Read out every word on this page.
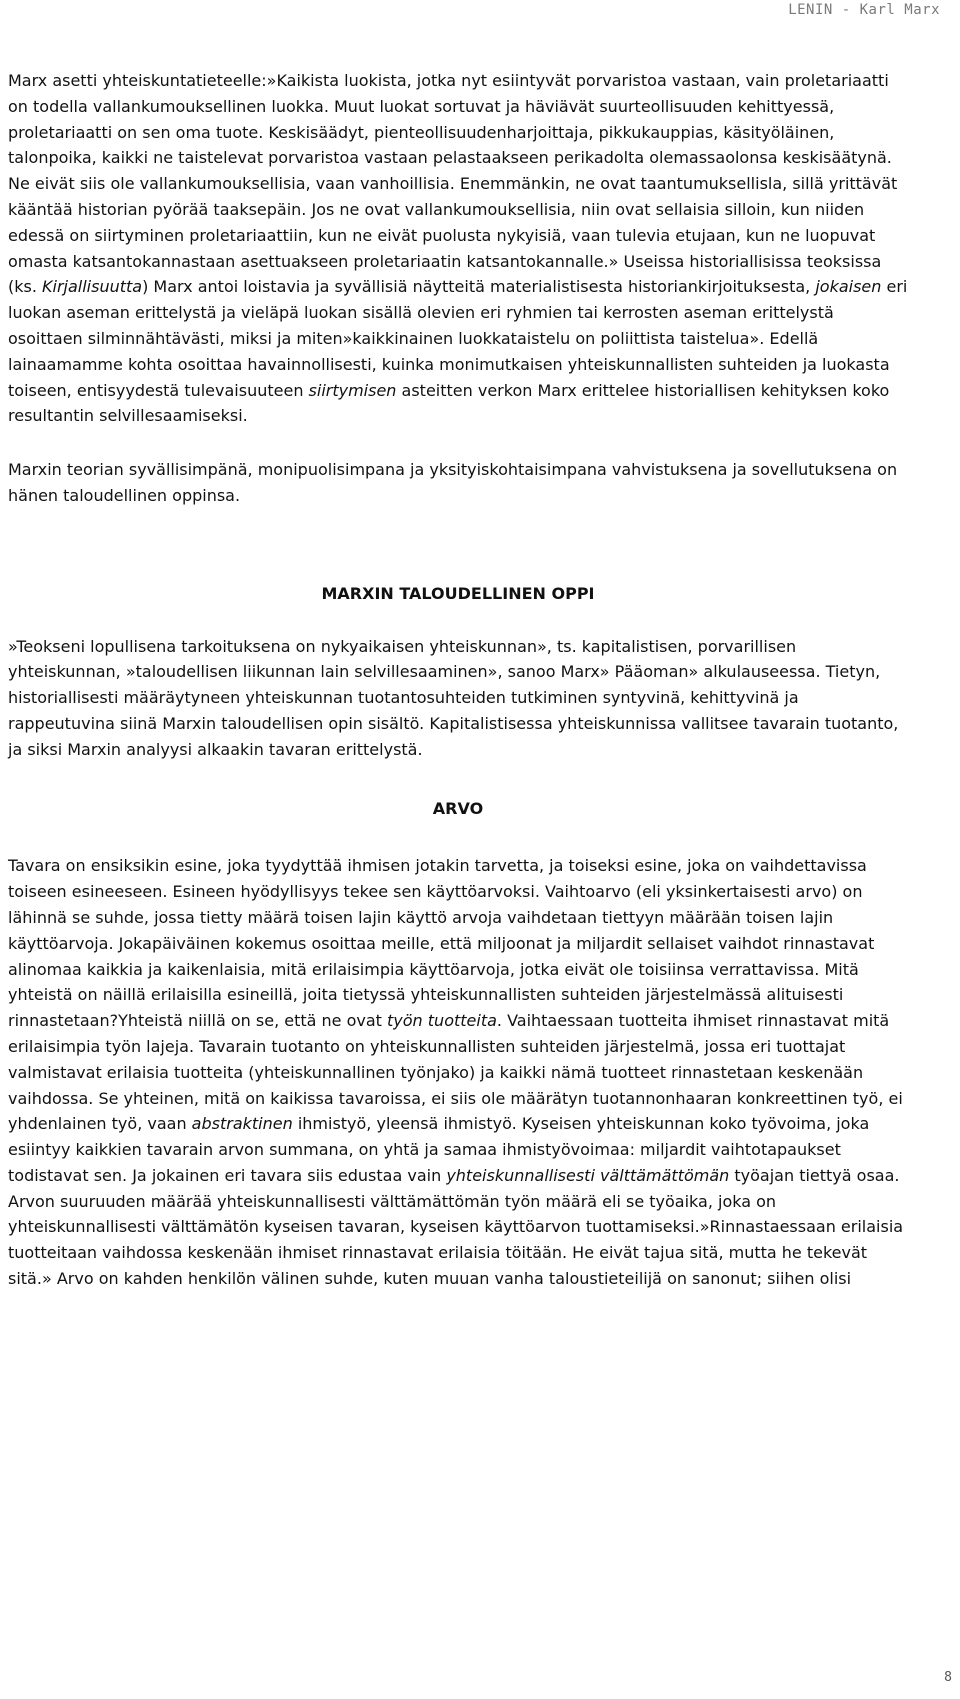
LENIN - Karl Marx

Marx asetti yhteiskuntatieteelle:»Kaikista luokista, jotka nyt esiintyvät porvaristoa vastaan, vain proletariaatti on todella vallankumouksellinen luokka. Muut luokat sortuvat ja häviävät suurteollisuuden kehittyessä, proletariaatti on sen oma tuote. Keskisäädyt, pienteollisuudenharjoittaja, pikkukauppias, käsityöläinen, talonpoika, kaikki ne taistelevat porvaristoa vastaan pelastaakseen perikadolta olemassaolonsa keskisäätynä. Ne eivät siis ole vallankumouksellisia, vaan vanhoillisia. Enemmänkin, ne ovat taantumuksellisla, sillä yrittävät kääntää historian pyörää taaksepäin. Jos ne ovat vallankumouksellisia, niin ovat sellaisia silloin, kun niiden edessä on siirtyminen proletariaattiin, kun ne eivät puolusta nykyisiä, vaan tulevia etujaan, kun ne luopuvat omasta katsantokannastaan asettuakseen proletariaatin katsantokannalle.» Useissa historiallisissa teoksissa (ks. Kirjallisuutta) Marx antoi loistavia ja syvällisiä näytteitä materialistisesta historiankirjoituksesta, jokaisen eri luokan aseman erittelystä ja vieläpä luokan sisällä olevien eri ryhmien tai kerrosten aseman erittelystä osoittaen silminnähtävästi, miksi ja miten»kaikkinainen luokkataistelu on poliittista taistelua». Edellä lainaamamme kohta osoittaa havainnollisesti, kuinka monimutkaisen yhteiskunnallisten suhteiden ja luokasta toiseen, entisyydestä tulevaisuuteen siirtymisen asteitten verkon Marx erittelee historiallisen kehityksen koko resultantin selvillesaamiseksi.

Marxin teorian syvällisimpänä, monipuolisimpana ja yksityiskohtaisimpana vahvistuksena ja sovellutuksena on hänen taloudellinen oppinsa.

MARXIN TALOUDELLINEN OPPI

»Teokseni lopullisena tarkoituksena on nykyaikaisen yhteiskunnan», ts. kapitalistisen, porvarillisen yhteiskunnan, »taloudellisen liikunnan lain selvillesaaminen», sanoo Marx» Pääoman» alkulauseessa. Tietyn, historiallisesti määräytyneen yhteiskunnan tuotantosuhteiden tutkiminen syntyvinä, kehittyvinä ja rappeutuvina siinä Marxin taloudellisen opin sisältö. Kapitalistisessa yhteiskunnissa vallitsee tavarain tuotanto, ja siksi Marxin analyysi alkaakin tavaran erittelystä.

ARVO

Tavara on ensiksikin esine, joka tyydyttää ihmisen jotakin tarvetta, ja toiseksi esine, joka on vaihdettavissa toiseen esineeseen. Esineen hyödyllisyys tekee sen käyttöarvoksi. Vaihtoarvo (eli yksinkertaisesti arvo) on lähinnä se suhde, jossa tietty määrä toisen lajin käyttö arvoja vaihdetaan tiettyyn määrään toisen lajin käyttöarvoja. Jokapäiväinen kokemus osoittaa meille, että miljoonat ja miljardit sellaiset vaihdot rinnastavat alinomaa kaikkia ja kaikenlaisia, mitä erilaisimpia käyttöarvoja, jotka eivät ole toisiinsa verrattavissa. Mitä yhteistä on näillä erilaisilla esineillä, joita tietyssä yhteiskunnallisten suhteiden järjestelmässä alituisesti rinnastetaan?Yhteistä niillä on se, että ne ovat työn tuotteita. Vaihtaessaan tuotteita ihmiset rinnastavat mitä erilaisimpia työn lajeja. Tavarain tuotanto on yhteiskunnallisten suhteiden järjestelmä, jossa eri tuottajat valmistavat erilaisia tuotteita (yhteiskunnallinen työnjako) ja kaikki nämä tuotteet rinnastetaan keskenään vaihdossa. Se yhteinen, mitä on kaikissa tavaroissa, ei siis ole määrätyn tuotannonhaaran konkreettinen työ, ei yhdenlainen työ, vaan abstraktinen ihmistyö, yleensä ihmistyö. Kyseisen yhteiskunnan koko työvoima, joka esiintyy kaikkien tavarain arvon summana, on yhtä ja samaa ihmistyövoimaa: miljardit vaihtotapaukset todistavat sen. Ja jokainen eri tavara siis edustaa vain yhteiskunnallisesti välttämättömän työajan tiettyä osaa. Arvon suuruuden määrää yhteiskunnallisesti välttämättömän työn määrä eli se työaika, joka on yhteiskunnallisesti välttämätön kyseisen tavaran, kyseisen käyttöarvon tuottamiseksi.»Rinnastaessaan erilaisia tuotteitaan vaihdossa keskenään ihmiset rinnastavat erilaisia töitään. He eivät tajua sitä, mutta he tekevät sitä.» Arvo on kahden henkilön välinen suhde, kuten muuan vanha taloustieteilijä on sanonut; siihen olisi

8
